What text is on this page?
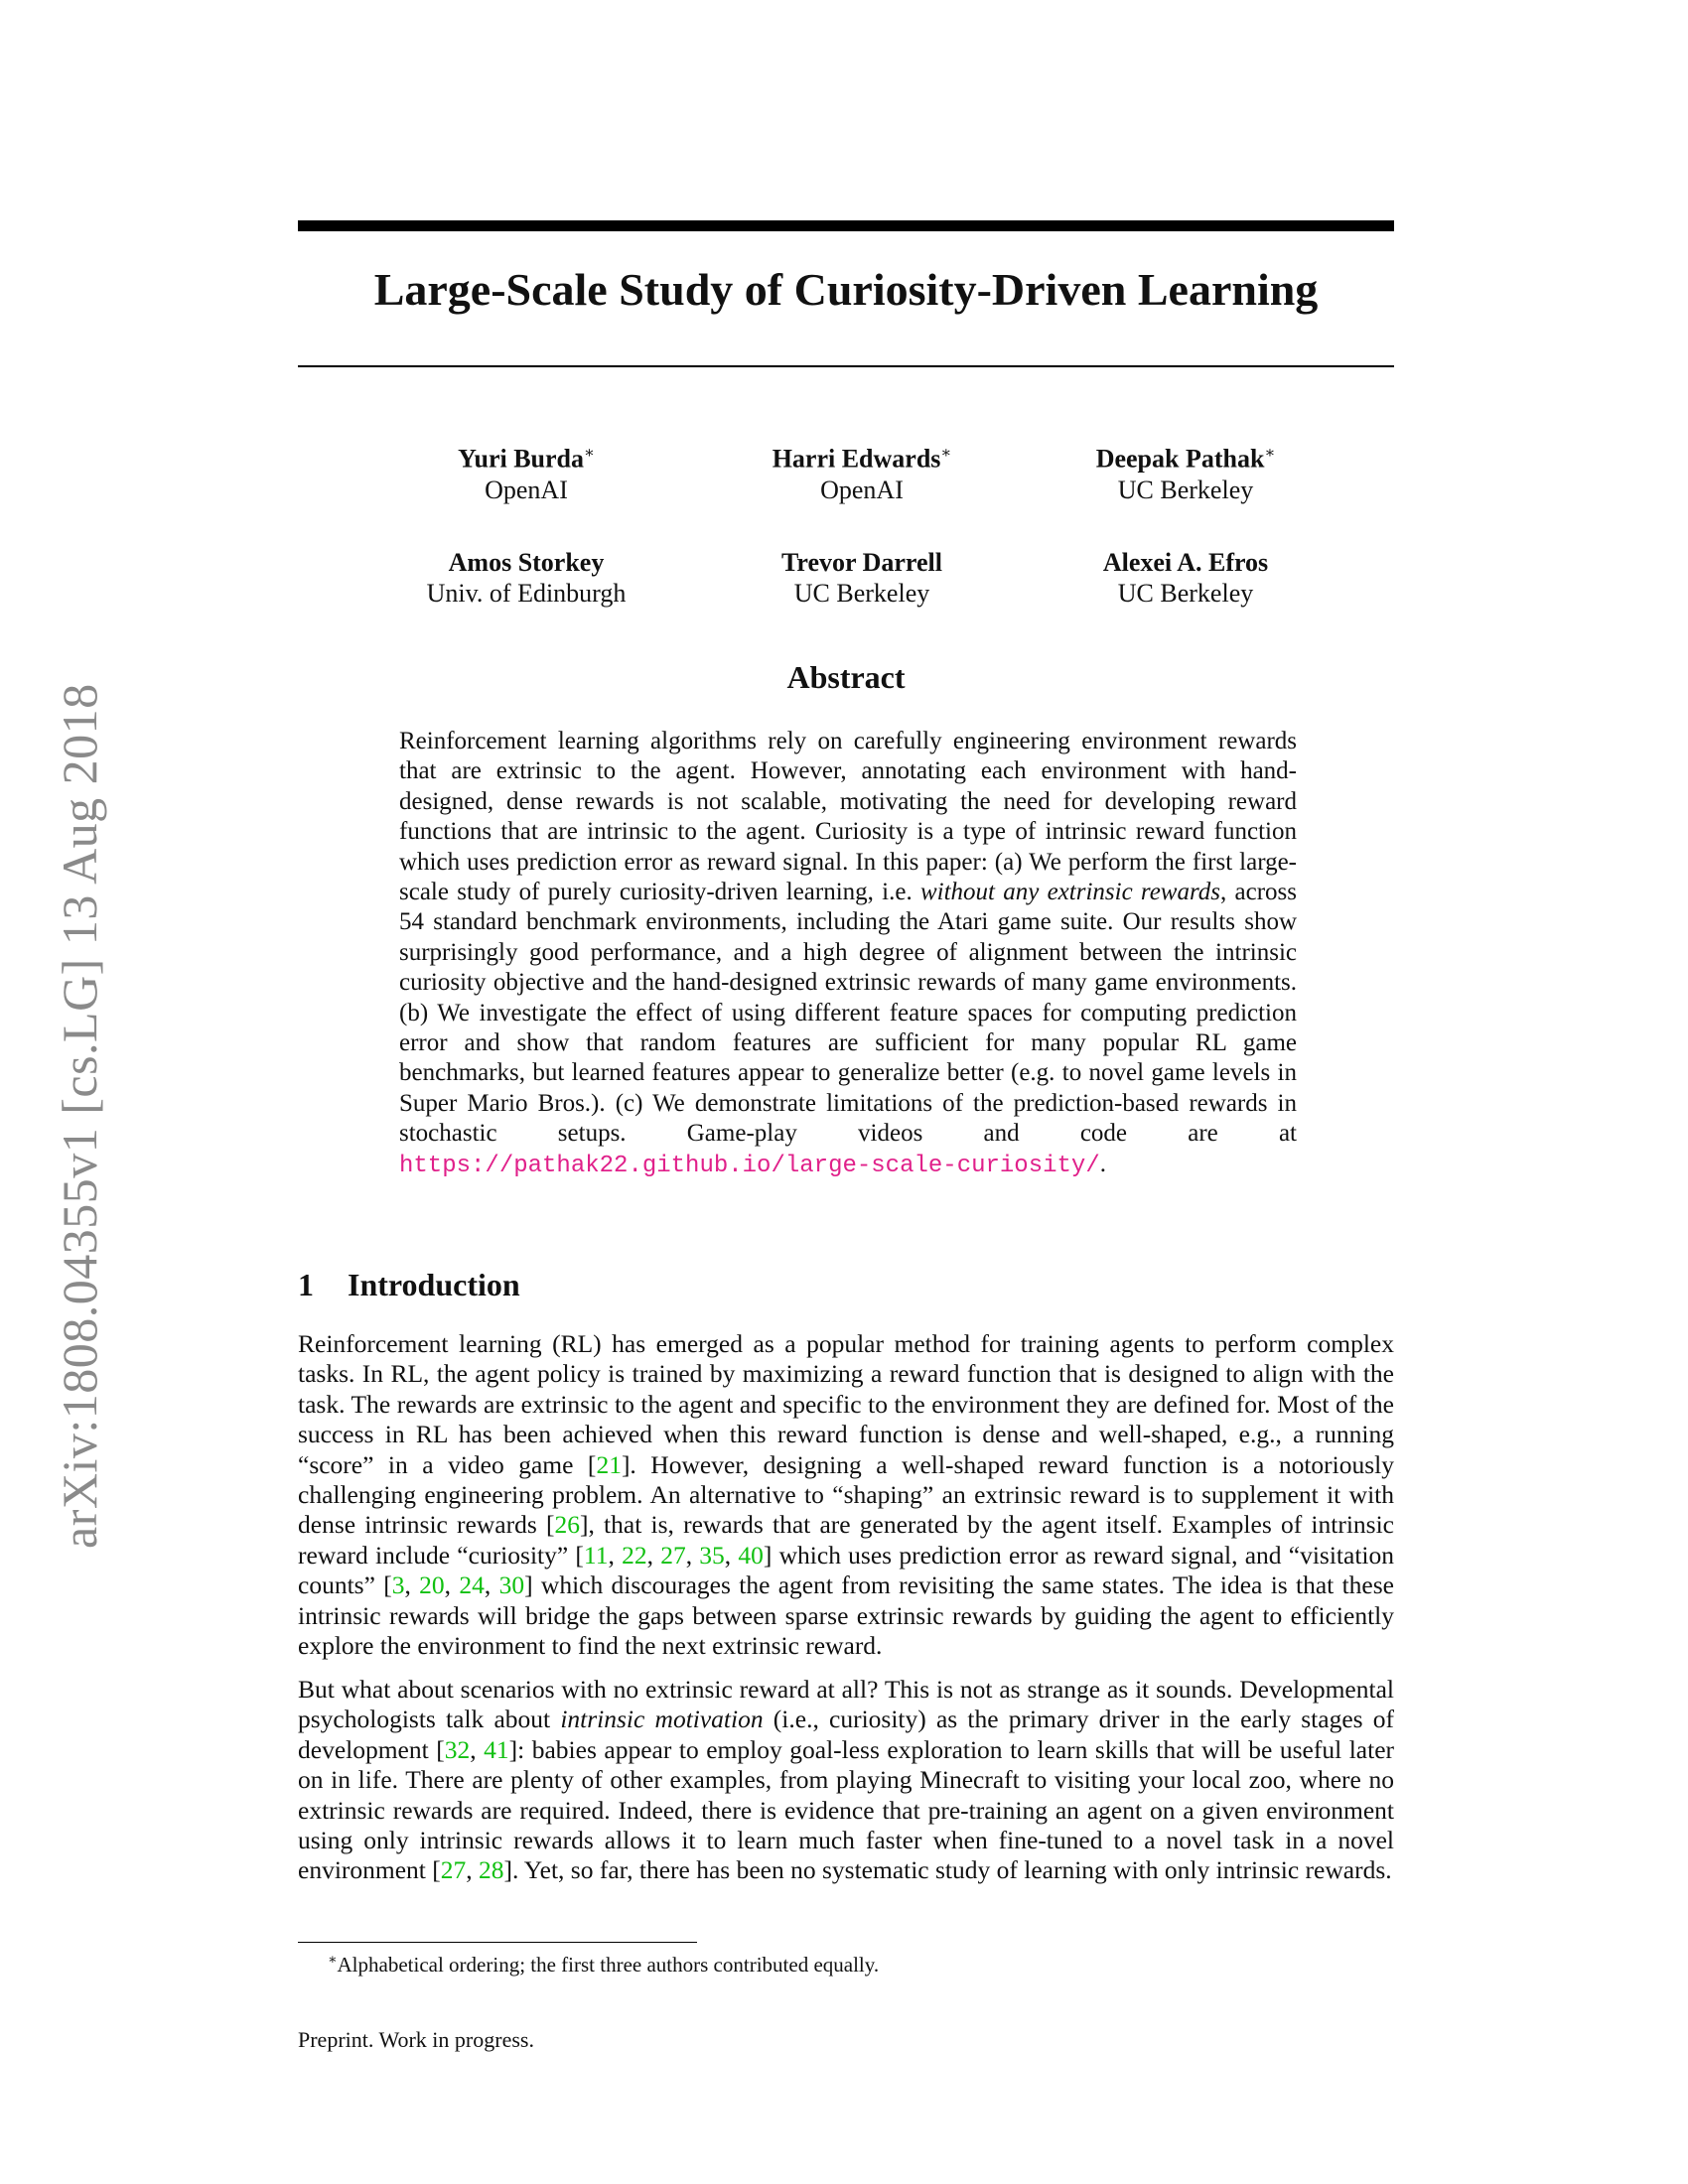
arXiv:1808.04355v1 [cs.LG] 13 Aug 2018
Large-Scale Study of Curiosity-Driven Learning
Yuri Burda∗
OpenAI
Harri Edwards∗
OpenAI
Deepak Pathak∗
UC Berkeley
Amos Storkey
Univ. of Edinburgh
Trevor Darrell
UC Berkeley
Alexei A. Efros
UC Berkeley
Abstract
Reinforcement learning algorithms rely on carefully engineering environment rewards that are extrinsic to the agent. However, annotating each environment with hand-designed, dense rewards is not scalable, motivating the need for developing reward functions that are intrinsic to the agent. Curiosity is a type of intrinsic reward function which uses prediction error as reward signal. In this paper: (a) We perform the first large-scale study of purely curiosity-driven learning, i.e. without any extrinsic rewards, across 54 standard benchmark environments, including the Atari game suite. Our results show surprisingly good performance, and a high degree of alignment between the intrinsic curiosity objective and the hand-designed extrinsic rewards of many game environments. (b) We investigate the effect of using different feature spaces for computing prediction error and show that random features are sufficient for many popular RL game benchmarks, but learned features appear to generalize better (e.g. to novel game levels in Super Mario Bros.). (c) We demonstrate limitations of the prediction-based rewards in stochastic setups. Game-play videos and code are at https://pathak22.github.io/large-scale-curiosity/.
1 Introduction

Reinforcement learning (RL) has emerged as a popular method for training agents to perform complex tasks. In RL, the agent policy is trained by maximizing a reward function that is designed to align with the task. The rewards are extrinsic to the agent and specific to the environment they are defined for. Most of the success in RL has been achieved when this reward function is dense and well-shaped, e.g., a running “score” in a video game [21]. However, designing a well-shaped reward function is a notoriously challenging engineering problem. An alternative to “shaping” an extrinsic reward is to supplement it with dense intrinsic rewards [26], that is, rewards that are generated by the agent itself. Examples of intrinsic reward include “curiosity” [11, 22, 27, 35, 40] which uses prediction error as reward signal, and “visitation counts” [3, 20, 24, 30] which discourages the agent from revisiting the same states. The idea is that these intrinsic rewards will bridge the gaps between sparse extrinsic rewards by guiding the agent to efficiently explore the environment to find the next extrinsic reward.

But what about scenarios with no extrinsic reward at all? This is not as strange as it sounds. Developmental psychologists talk about intrinsic motivation (i.e., curiosity) as the primary driver in the early stages of development [32, 41]: babies appear to employ goal-less exploration to learn skills that will be useful later on in life. There are plenty of other examples, from playing Minecraft to visiting your local zoo, where no extrinsic rewards are required. Indeed, there is evidence that pre-training an agent on a given environment using only intrinsic rewards allows it to learn much faster when fine-tuned to a novel task in a novel environment [27, 28]. Yet, so far, there has been no systematic study of learning with only intrinsic rewards.

∗Alphabetical ordering; the first three authors contributed equally.
Preprint. Work in progress.
